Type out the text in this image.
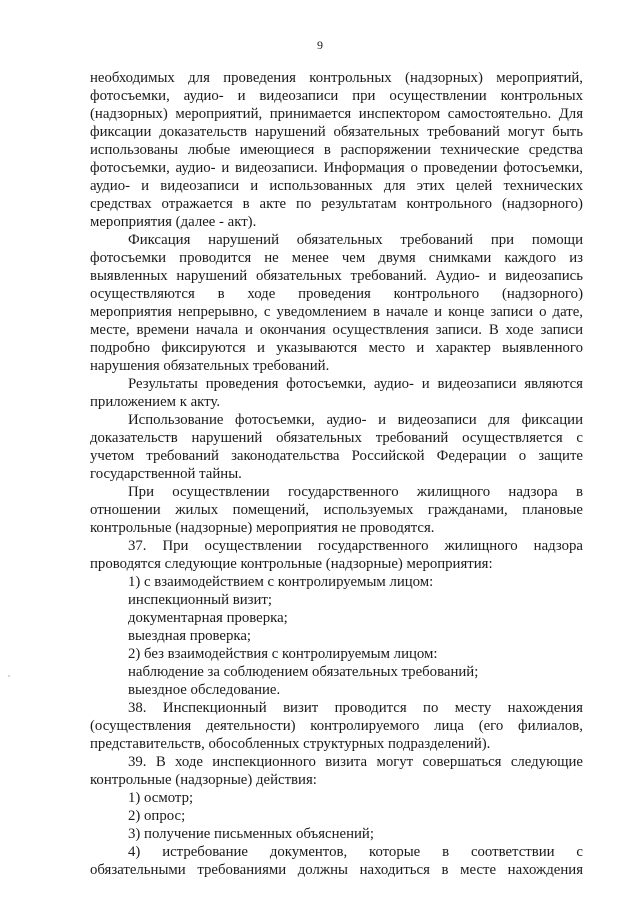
9
необходимых для проведения контрольных (надзорных) мероприятий,
фотосъемки, аудио- и видеозаписи при осуществлении контрольных
(надзорных) мероприятий, принимается инспектором самостоятельно. Для
фиксации доказательств нарушений обязательных требований могут быть
использованы любые имеющиеся в распоряжении технические средства
фотосъемки, аудио- и видеозаписи. Информация о проведении фотосъемки,
аудио- и видеозаписи и использованных для этих целей технических
средствах отражается в акте по результатам контрольного (надзорного)
мероприятия (далее - акт).
Фиксация нарушений обязательных требований при помощи
фотосъемки проводится не менее чем двумя снимками каждого из
выявленных нарушений обязательных требований. Аудио- и видеозапись
осуществляются в ходе проведения контрольного (надзорного)
мероприятия непрерывно, с уведомлением в начале и конце записи о дате,
месте, времени начала и окончания осуществления записи. В ходе записи
подробно фиксируются и указываются место и характер выявленного
нарушения обязательных требований.
Результаты проведения фотосъемки, аудио- и видеозаписи являются
приложением к акту.
Использование фотосъемки, аудио- и видеозаписи для фиксации
доказательств нарушений обязательных требований осуществляется с
учетом требований законодательства Российской Федерации о защите
государственной тайны.
При осуществлении государственного жилищного надзора в
отношении жилых помещений, используемых гражданами, плановые
контрольные (надзорные) мероприятия не проводятся.
37. При осуществлении государственного жилищного надзора
проводятся следующие контрольные (надзорные) мероприятия:
1) с взаимодействием с контролируемым лицом:
инспекционный визит;
документарная проверка;
выездная проверка;
2) без взаимодействия с контролируемым лицом:
наблюдение за соблюдением обязательных требований;
выездное обследование.
38. Инспекционный визит проводится по месту нахождения
(осуществления деятельности) контролируемого лица (его филиалов,
представительств, обособленных структурных подразделений).
39. В ходе инспекционного визита могут совершаться следующие
контрольные (надзорные) действия:
1) осмотр;
2) опрос;
3) получение письменных объяснений;
4) истребование документов, которые в соответствии с
обязательными требованиями должны находиться в месте нахождения
